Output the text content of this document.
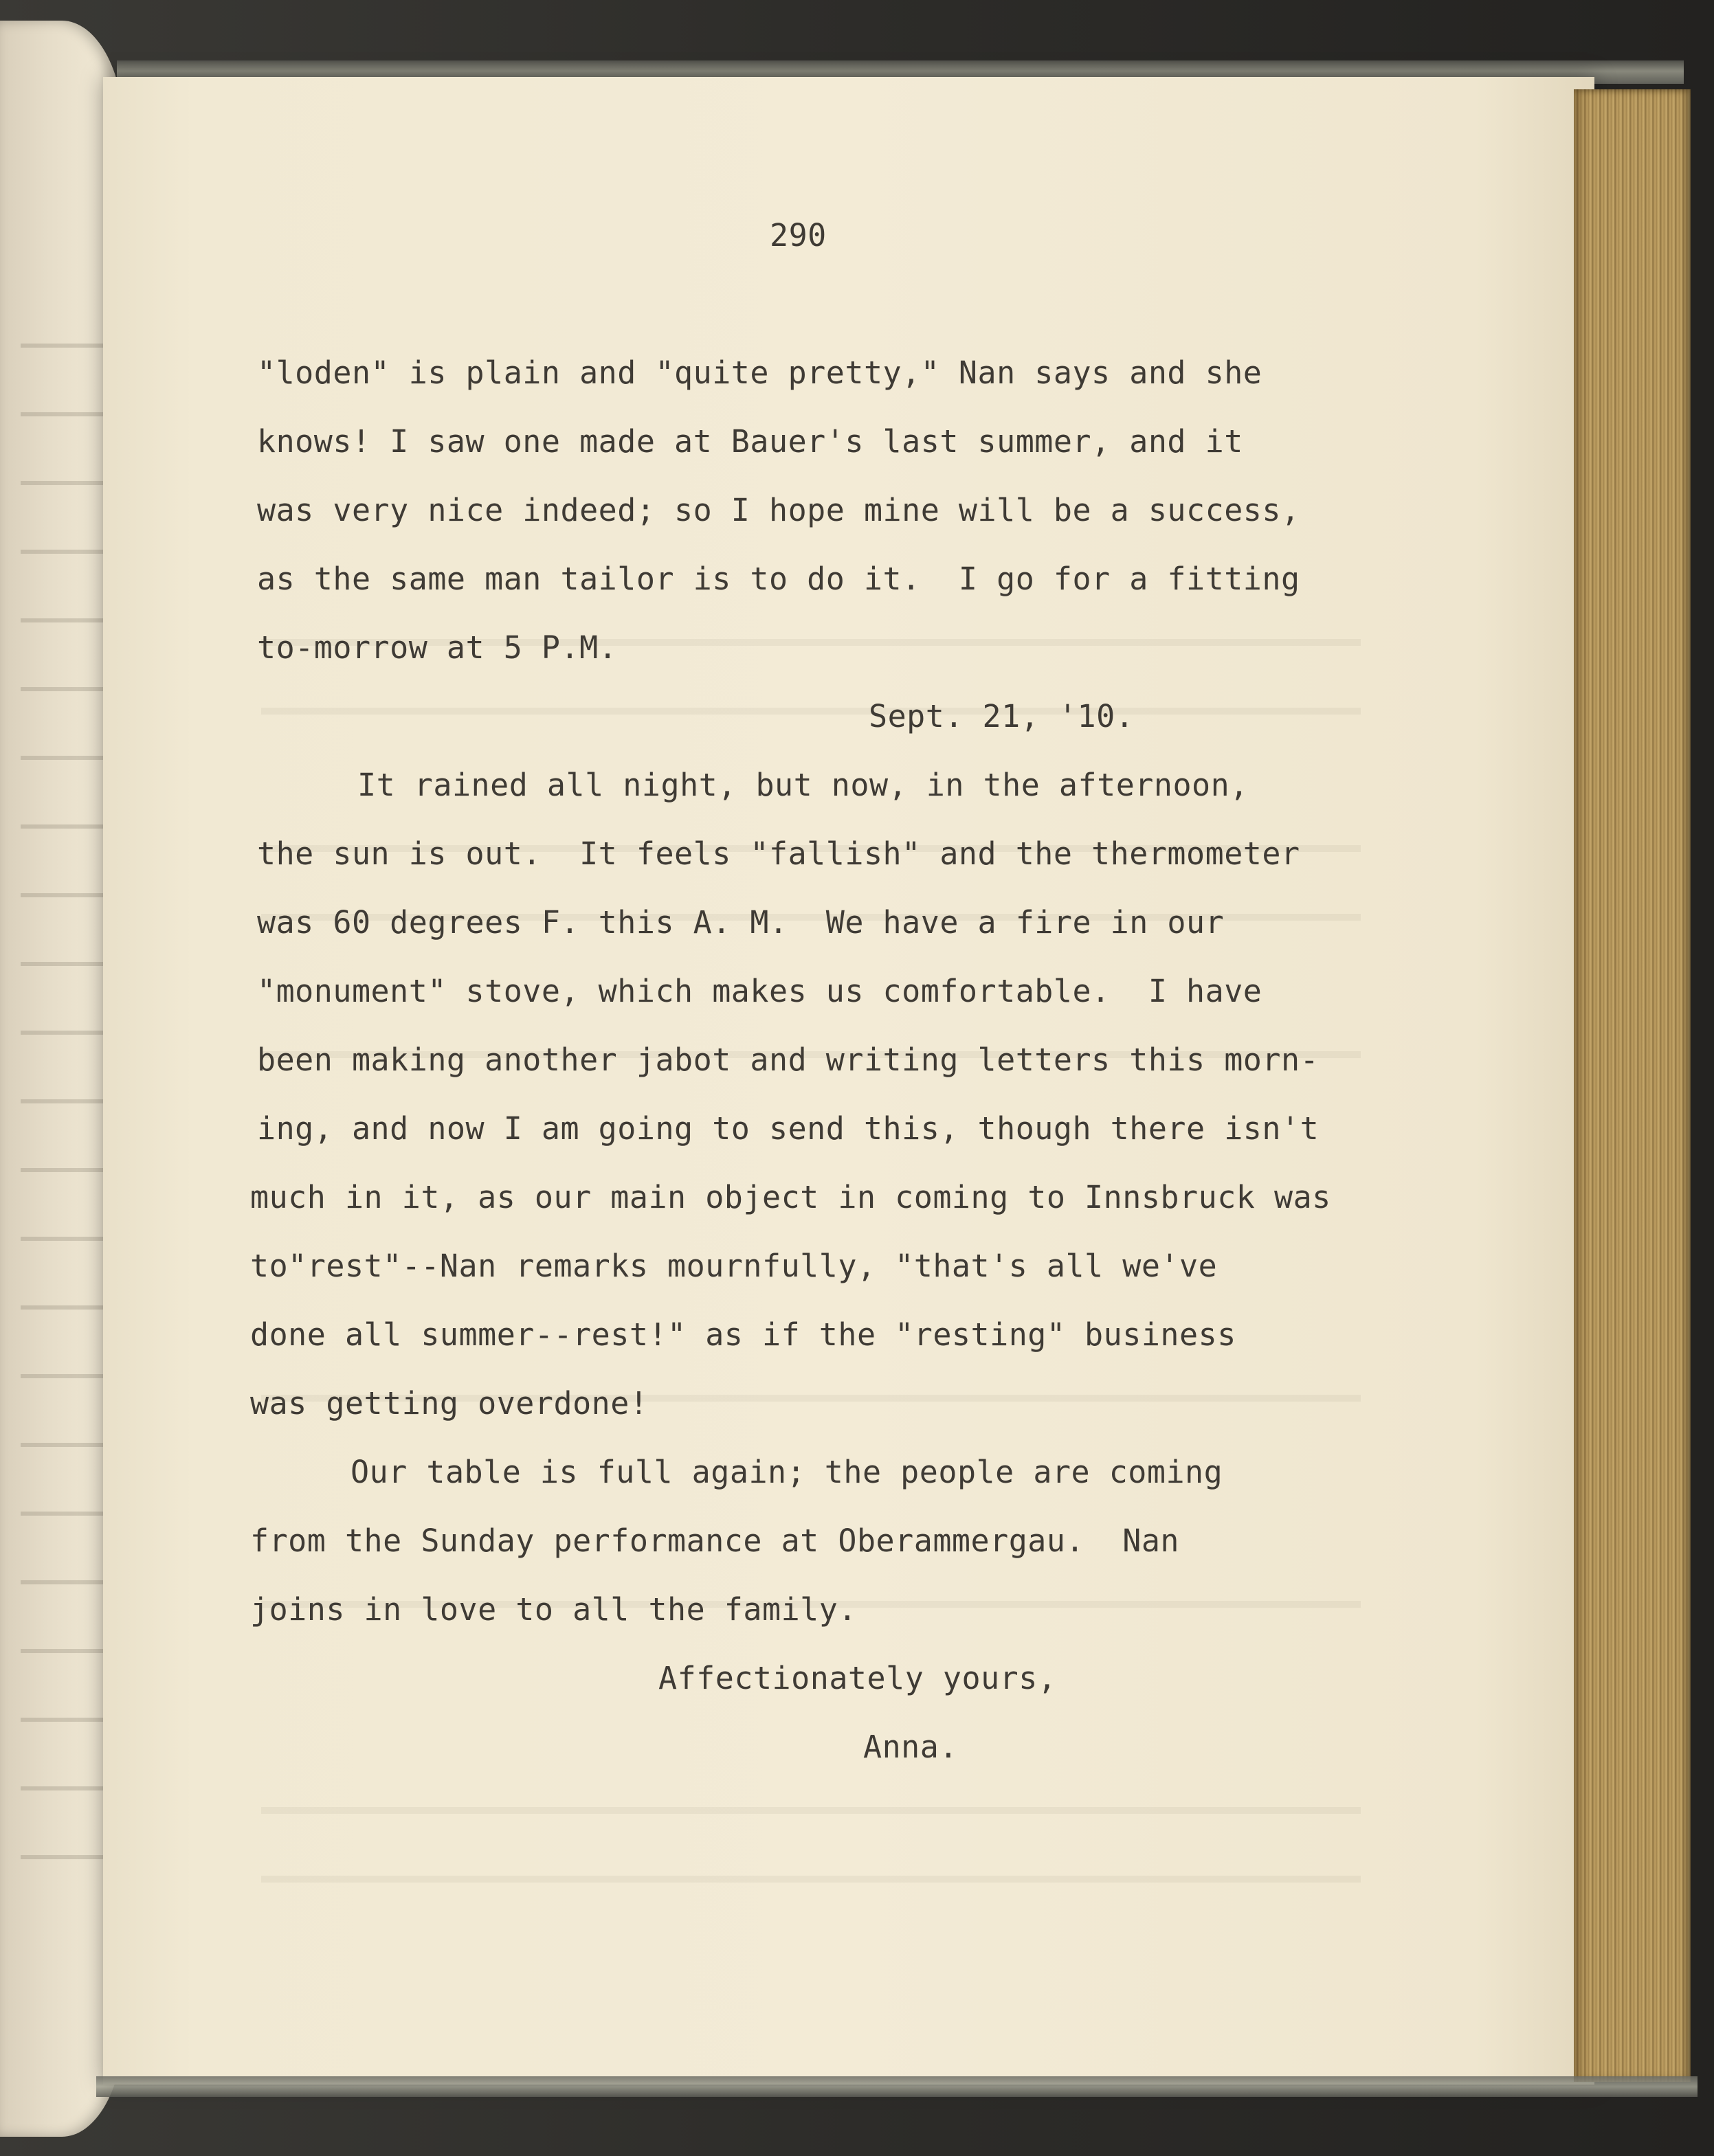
290
"loden" is plain and "quite pretty," Nan says and she
knows! I saw one made at Bauer's last summer, and it
was very nice indeed; so I hope mine will be a success,
as the same man tailor is to do it.  I go for a fitting
to-morrow at 5 P.M.
Sept. 21, '10.
It rained all night, but now, in the afternoon,
the sun is out.  It feels "fallish" and the thermometer
was 60 degrees F. this A. M.  We have a fire in our
"monument" stove, which makes us comfortable.  I have
been making another jabot and writing letters this morn-
ing, and now I am going to send this, though there isn't
much in it, as our main object in coming to Innsbruck was
to"rest"--Nan remarks mournfully, "that's all we've
done all summer--rest!" as if the "resting" business
was getting overdone!
Our table is full again; the people are coming
from the Sunday performance at Oberammergau.  Nan
joins in love to all the family.
Affectionately yours,
Anna.
